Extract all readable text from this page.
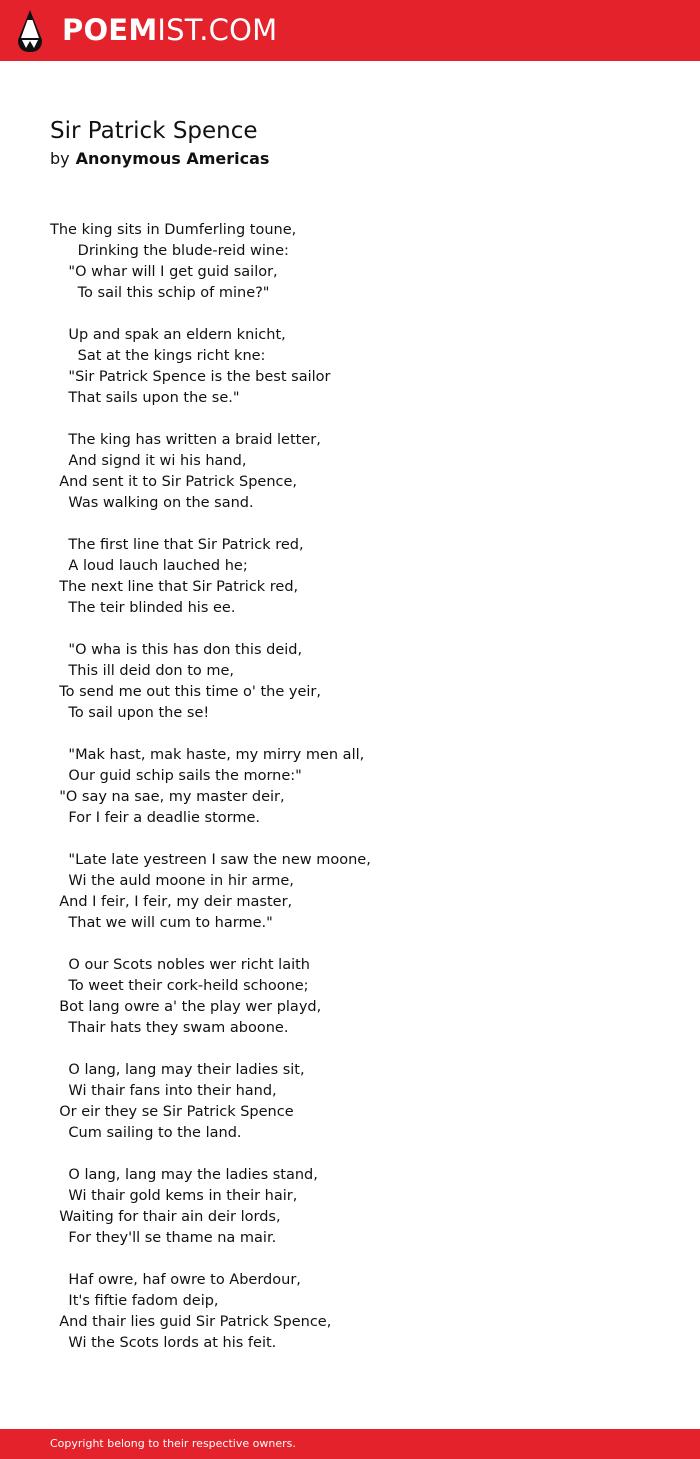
POEMIST.COM
Sir Patrick Spence
by Anonymous Americas
The king sits in Dumferling toune,
Drinking the blude-reid wine:
"O whar will I get guid sailor,
To sail this schip of mine?"
Up and spak an eldern knicht,
Sat at the kings richt kne:
"Sir Patrick Spence is the best sailor
That sails upon the se."
The king has written a braid letter,
And signd it wi his hand,
And sent it to Sir Patrick Spence,
Was walking on the sand.
The first line that Sir Patrick red,
A loud lauch lauched he;
The next line that Sir Patrick red,
The teir blinded his ee.
"O wha is this has don this deid,
This ill deid don to me,
To send me out this time o' the yeir,
To sail upon the se!
"Mak hast, mak haste, my mirry men all,
Our guid schip sails the morne:"
"O say na sae, my master deir,
For I feir a deadlie storme.
"Late late yestreen I saw the new moone,
Wi the auld moone in hir arme,
And I feir, I feir, my deir master,
That we will cum to harme."
O our Scots nobles wer richt laith
To weet their cork-heild schoone;
Bot lang owre a' the play wer playd,
Thair hats they swam aboone.
O lang, lang may their ladies sit,
Wi thair fans into their hand,
Or eir they se Sir Patrick Spence
Cum sailing to the land.
O lang, lang may the ladies stand,
Wi thair gold kems in their hair,
Waiting for thair ain deir lords,
For they'll se thame na mair.
Haf owre, haf owre to Aberdour,
It's fiftie fadom deip,
And thair lies guid Sir Patrick Spence,
Wi the Scots lords at his feit.
Copyright belong to their respective owners.
